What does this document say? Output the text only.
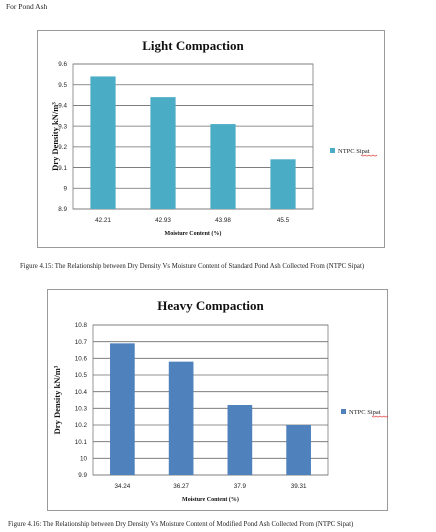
For Pond Ash
Light Compaction
8.9
9
9.1
9.2
9.3
9.4
9.5
9.6
42.21	42.93	43.98	45.5
Moisture Content (%)
Dry Density kN/m³	NTPC Sipat
Figure 4.15: The Relationship between Dry Density Vs Moisture Content of Standard Pond Ash Collected From (NTPC Sipat)
Heavy Compaction
9.9
10
10.1
10.2
10.3
10.4
10.5
10.6
10.7
10.8
34.24	36.27	37.9	39.31
Moisture Content (%)
Dry Density kN/m³	NTPC Sipat
Figure 4.16: The Relationship between Dry Density Vs Moisture Content of Modified Pond Ash Collected From (NTPC Sipat)
